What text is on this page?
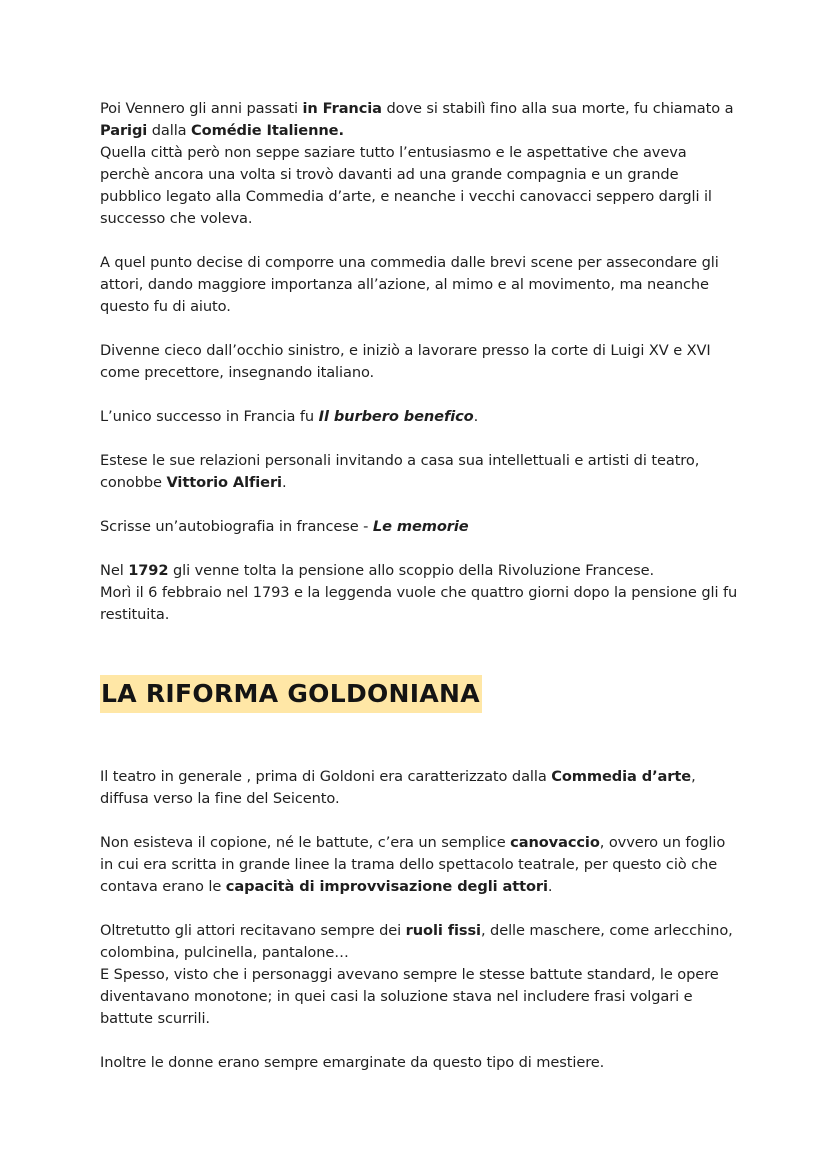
Poi Vennero gli anni passati in Francia dove si stabilì fino alla sua morte, fu chiamato a Parigi dalla Comédie Italienne.
Quella città però non seppe saziare tutto l’entusiasmo e le aspettative che aveva perchè ancora una volta si trovò davanti ad una grande compagnia e un grande pubblico legato alla Commedia d’arte, e neanche i vecchi canovacci seppero dargli il successo che voleva.
A quel punto decise di comporre una commedia dalle brevi scene per assecondare gli attori, dando maggiore importanza all’azione, al mimo e al movimento, ma neanche questo fu di aiuto.
Divenne cieco dall’occhio sinistro, e iniziò a lavorare presso la corte di Luigi XV e XVI come precettore, insegnando italiano.
L’unico successo in Francia fu Il burbero benefico.
Estese le sue relazioni personali invitando a casa sua intellettuali e artisti di teatro, conobbe Vittorio Alfieri.
Scrisse un’autobiografia in francese - Le memorie
Nel 1792 gli venne tolta la pensione allo scoppio della Rivoluzione Francese.
Morì il 6 febbraio nel 1793 e la leggenda vuole che quattro giorni dopo la pensione gli fu restituita.
LA RIFORMA GOLDONIANA
Il teatro in generale , prima di Goldoni era caratterizzato dalla Commedia d’arte, diffusa verso la fine del Seicento.
Non esisteva il copione, né le battute, c’era un semplice canovaccio, ovvero un foglio in cui era scritta in grande linee la trama dello spettacolo teatrale, per questo ciò che contava erano le capacità di improvvisazione degli attori.
Oltretutto gli attori recitavano sempre dei ruoli fissi, delle maschere, come arlecchino, colombina, pulcinella, pantalone…
E Spesso, visto che i personaggi avevano sempre le stesse battute standard, le opere diventavano monotone; in quei casi la soluzione stava nel includere frasi volgari e battute scurrili.
Inoltre le donne erano sempre emarginate da questo tipo di mestiere.
